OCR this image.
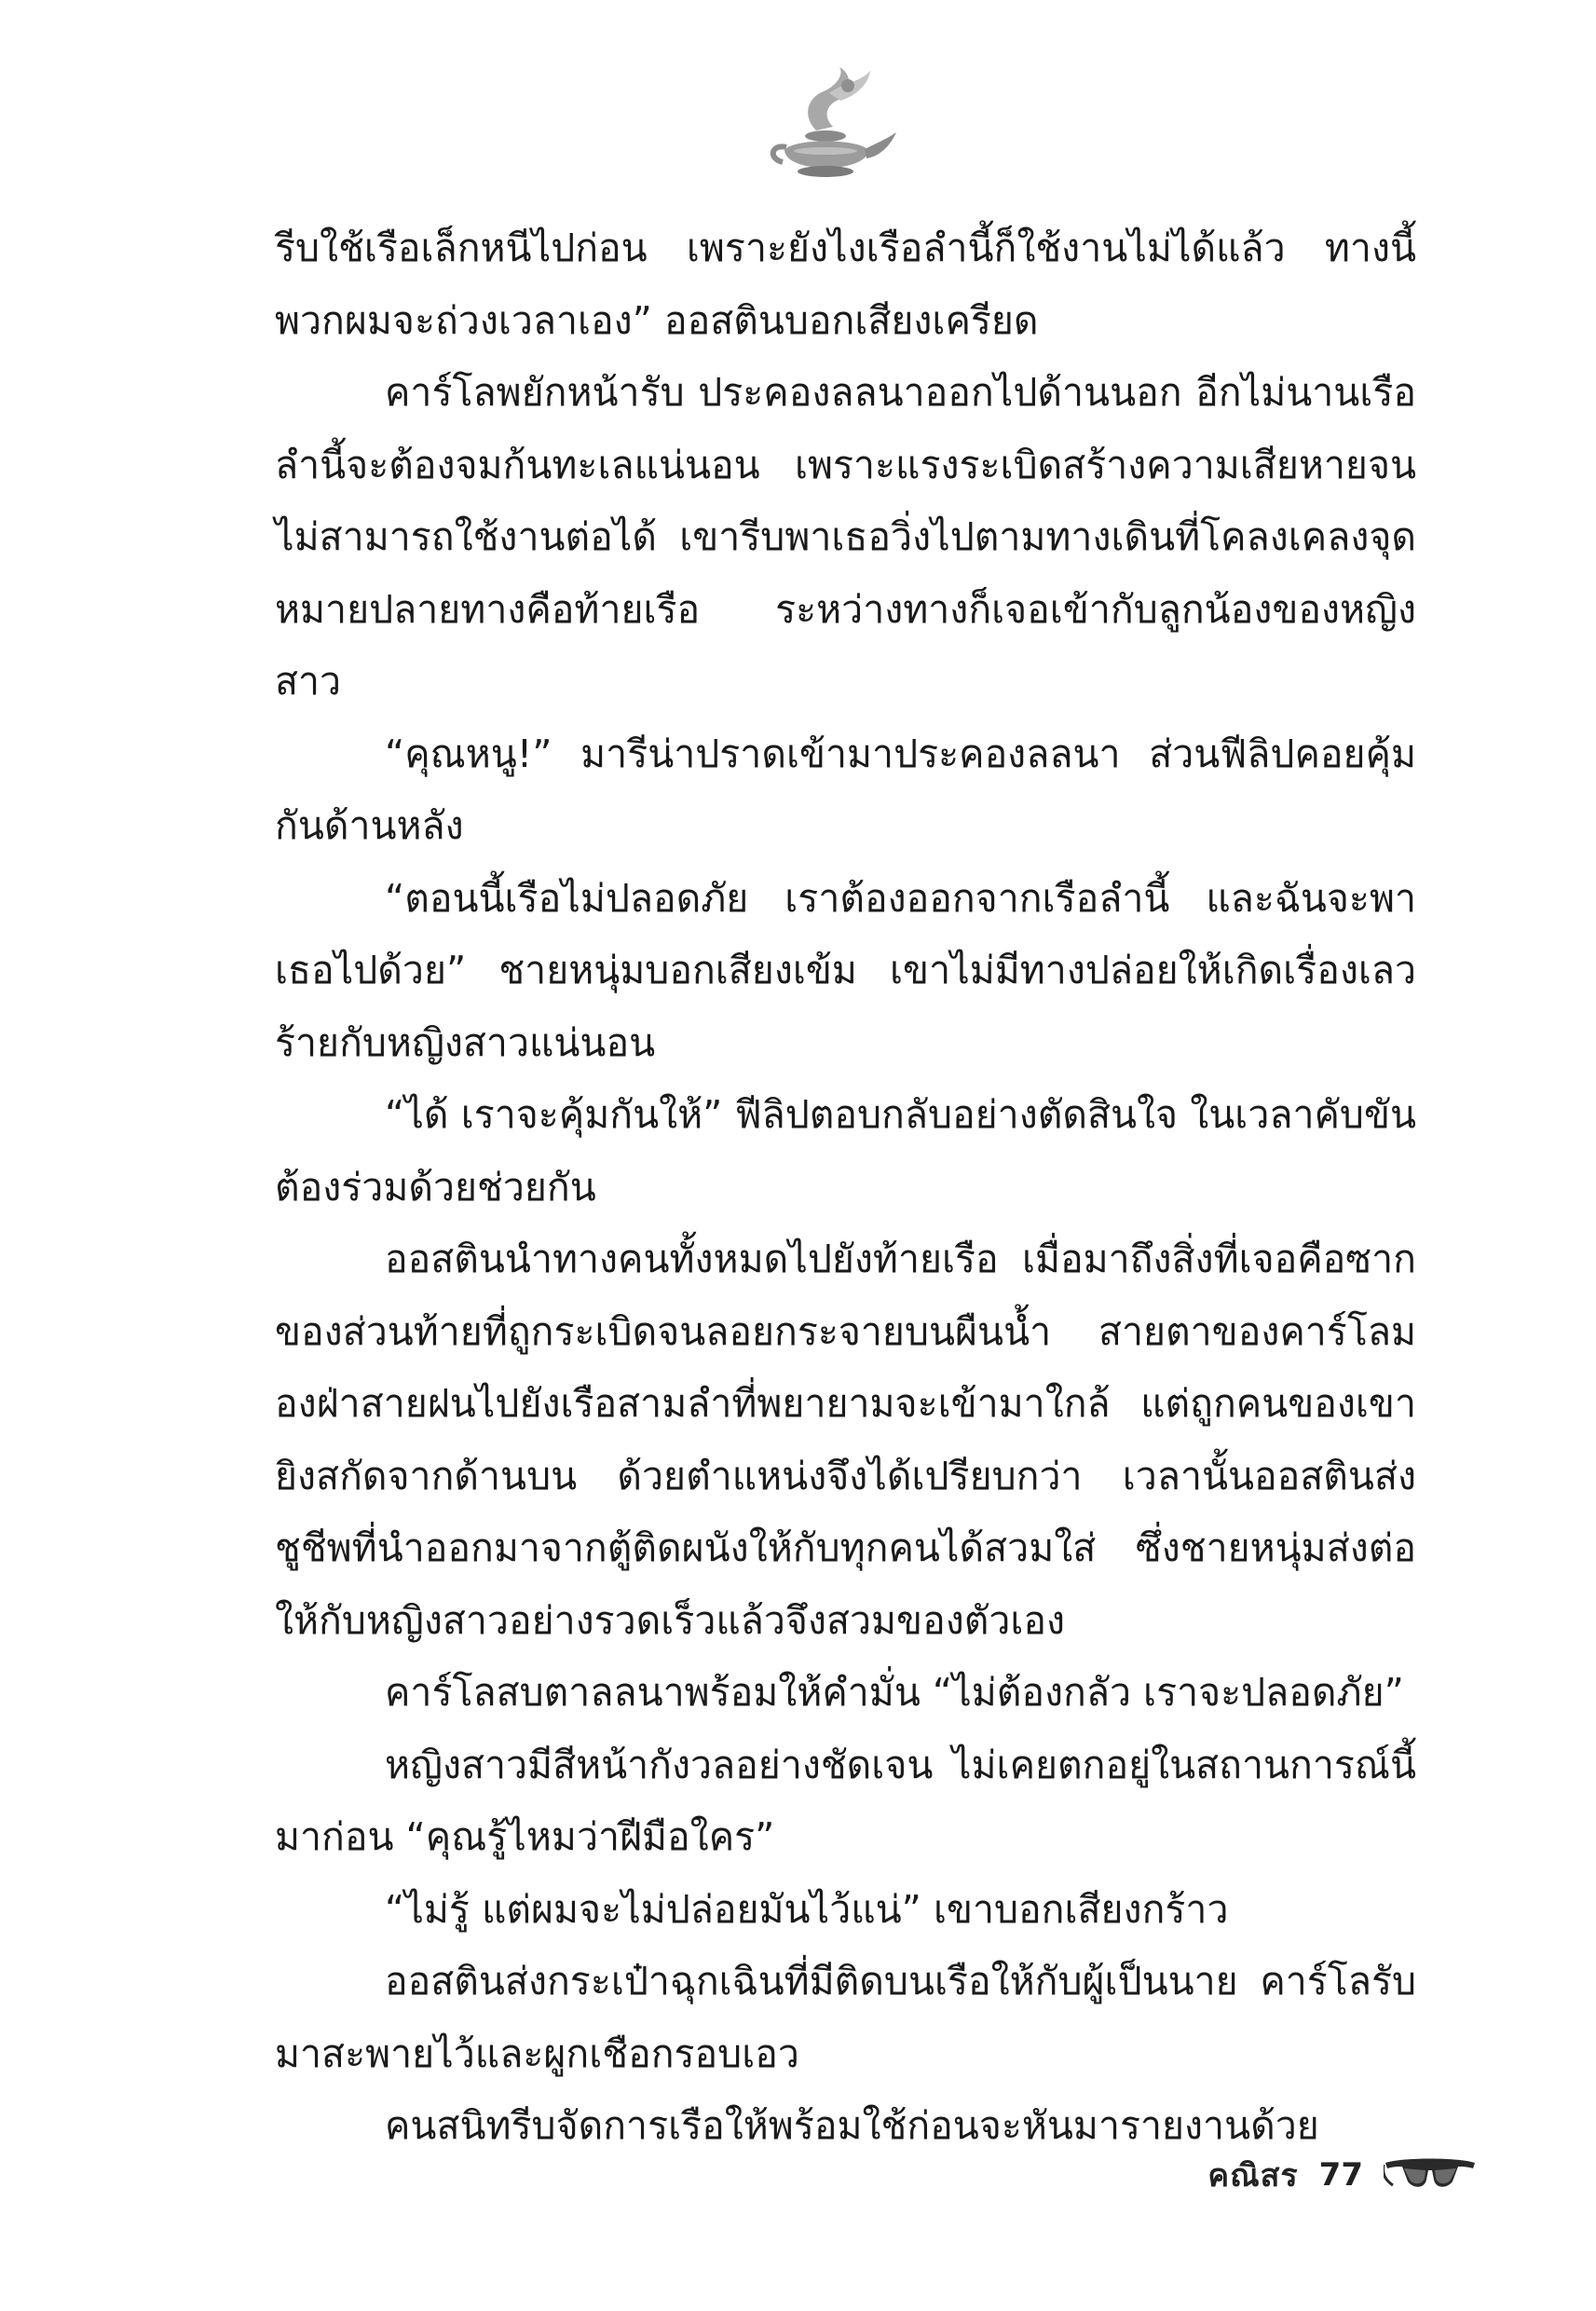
รีบใช้เรือเล็กหนีไปก่อน เพราะยังไงเรือลำนี้ก็ใช้งานไม่ได้แล้ว ทางนี้พวกผมจะถ่วงเวลาเอง” ออสตินบอกเสียงเครียด

คาร์โลพยักหน้ารับ ประคองลลนาออกไปด้านนอก อีกไม่นานเรือลำนี้จะต้องจมก้นทะเลแน่นอน เพราะแรงระเบิดสร้างความเสียหายจนไม่สามารถใช้งานต่อได้ เขารีบพาเธอวิ่งไปตามทางเดินที่โคลงเคลงจุดหมายปลายทางคือท้ายเรือ ระหว่างทางก็เจอเข้ากับลูกน้องของหญิงสาว

“คุณหนู!” มารีน่าปราดเข้ามาประคองลลนา ส่วนฟีลิปคอยคุ้มกันด้านหลัง

“ตอนนี้เรือไม่ปลอดภัย เราต้องออกจากเรือลำนี้ และฉันจะพาเธอไปด้วย” ชายหนุ่มบอกเสียงเข้ม เขาไม่มีทางปล่อยให้เกิดเรื่องเลวร้ายกับหญิงสาวแน่นอน

“ได้ เราจะคุ้มกันให้” ฟีลิปตอบกลับอย่างตัดสินใจ ในเวลาคับขันต้องร่วมด้วยช่วยกัน

ออสตินนำทางคนทั้งหมดไปยังท้ายเรือ เมื่อมาถึงสิ่งที่เจอคือซากของส่วนท้ายที่ถูกระเบิดจนลอยกระจายบนผืนน้ำ สายตาของคาร์โลมองฝ่าสายฝนไปยังเรือสามลำที่พยายามจะเข้ามาใกล้ แต่ถูกคนของเขายิงสกัดจากด้านบน ด้วยตำแหน่งจึงได้เปรียบกว่า เวลานั้นออสตินส่งชูชีพที่นำออกมาจากตู้ติดผนังให้กับทุกคนได้สวมใส่ ซึ่งชายหนุ่มส่งต่อให้กับหญิงสาวอย่างรวดเร็วแล้วจึงสวมของตัวเอง

คาร์โลสบตาลลนาพร้อมให้คำมั่น “ไม่ต้องกลัว เราจะปลอดภัย”

หญิงสาวมีสีหน้ากังวลอย่างชัดเจน ไม่เคยตกอยู่ในสถานการณ์นี้มาก่อน “คุณรู้ไหมว่าฝีมือใคร”

“ไม่รู้ แต่ผมจะไม่ปล่อยมันไว้แน่” เขาบอกเสียงกร้าว

ออสตินส่งกระเป๋าฉุกเฉินที่มีติดบนเรือให้กับผู้เป็นนาย คาร์โลรับมาสะพายไว้และผูกเชือกรอบเอว

คนสนิทรีบจัดการเรือให้พร้อมใช้ก่อนจะหันมารายงานด้วย

คณิสร 77
